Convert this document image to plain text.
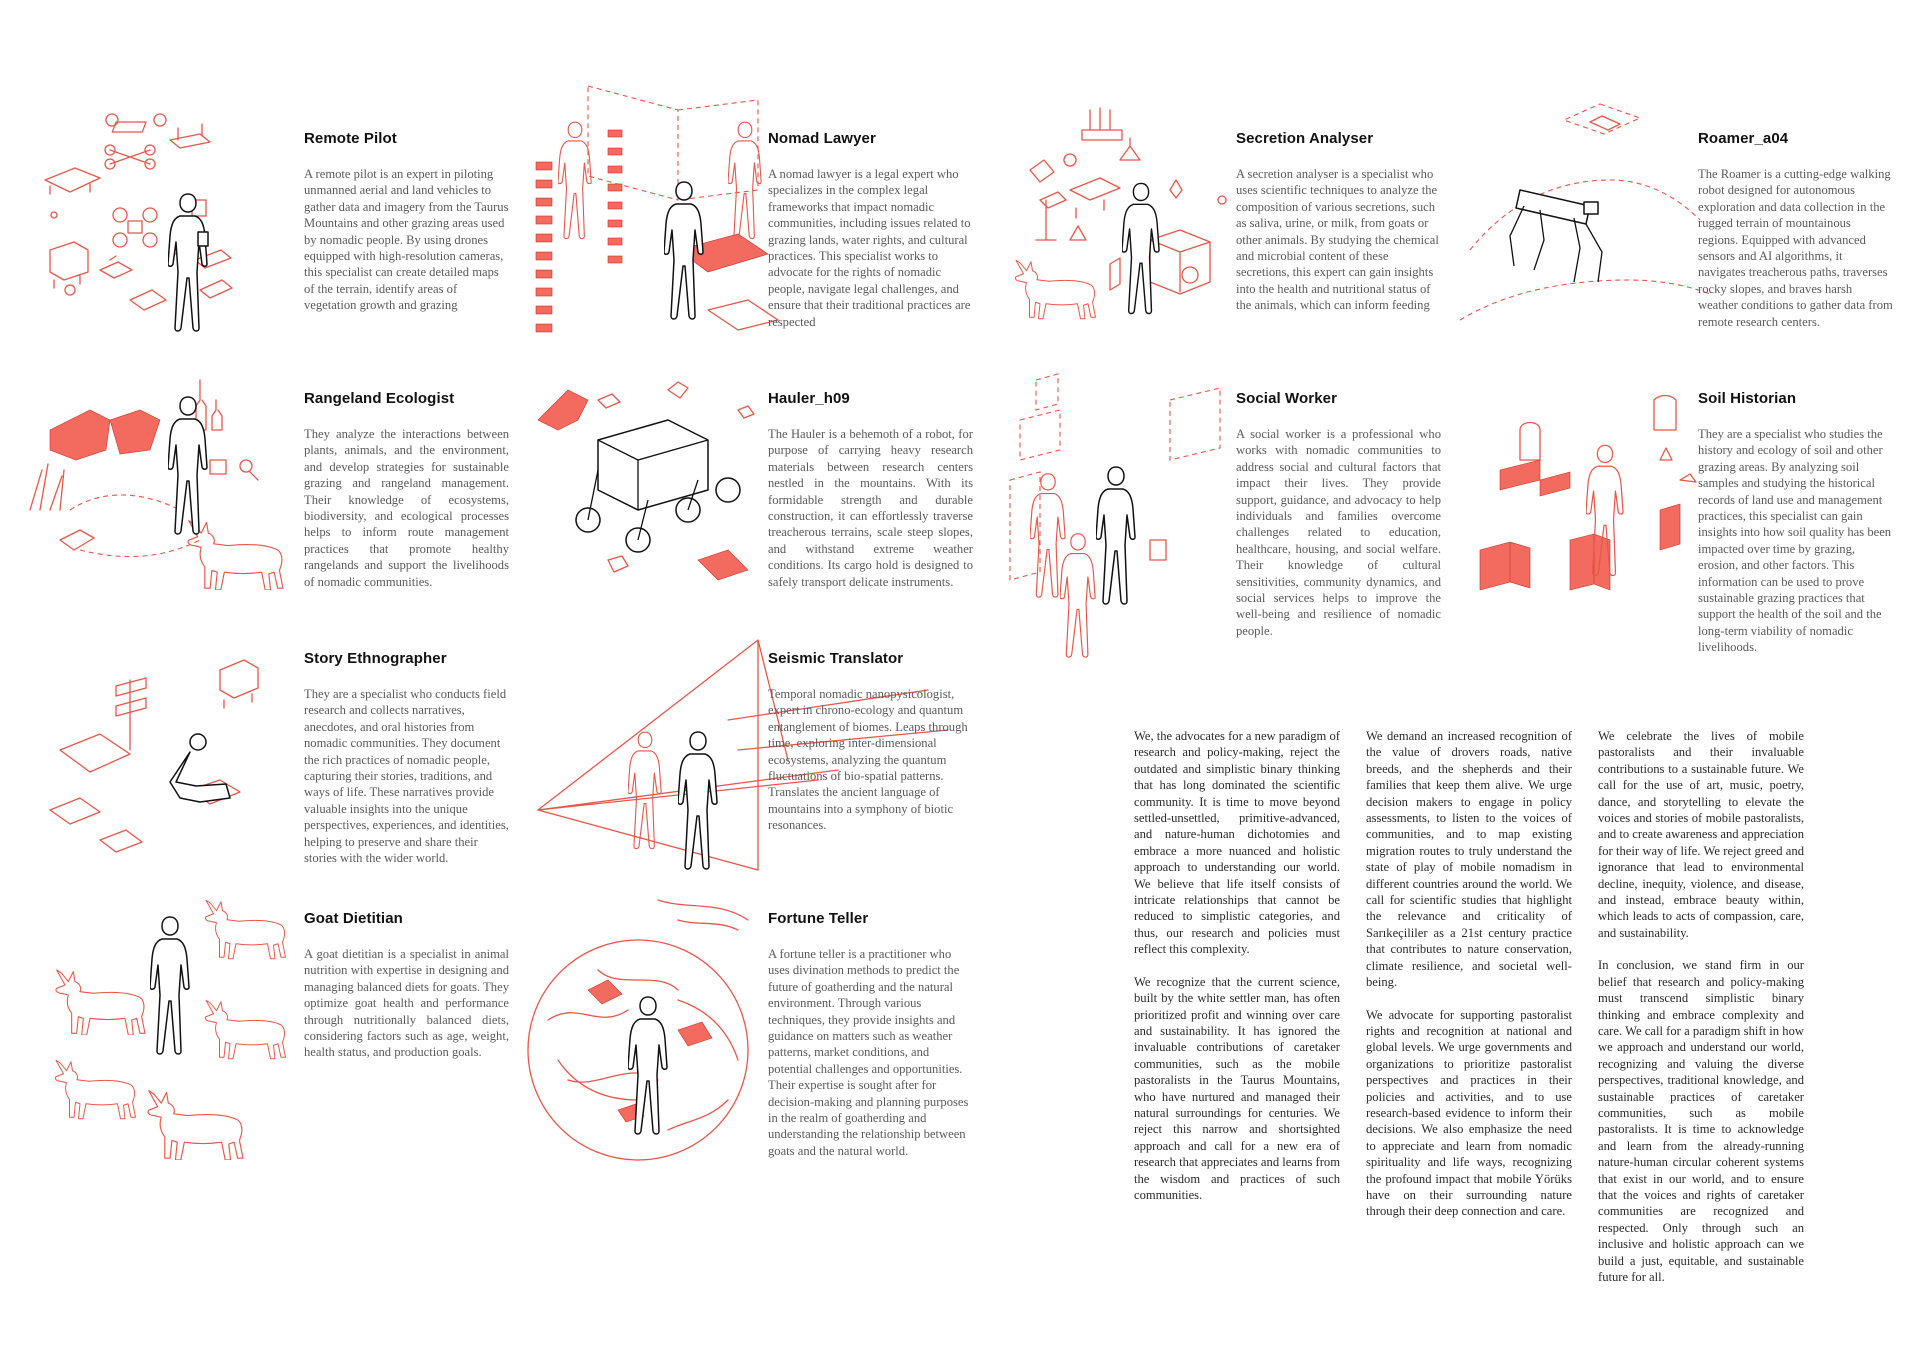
Remote Pilot

A remote pilot is an expert in piloting unmanned aerial and land vehicles to gather data and imagery from the Taurus Mountains and other grazing areas used by nomadic people. By using drones equipped with high-resolution cameras, this specialist can create detailed maps of the terrain, identify areas of vegetation growth and grazing

Nomad Lawyer

A nomad lawyer is a legal expert who specializes in the complex legal frameworks that impact nomadic communities, including issues related to grazing lands, water rights, and cultural practices. This specialist works to advocate for the rights of nomadic people, navigate legal challenges, and ensure that their traditional practices are respected

Secretion Analyser

A secretion analyser is a specialist who uses scientific techniques to analyze the composition of various secretions, such as saliva, urine, or milk, from goats or other animals. By studying the chemical and microbial content of these secretions, this expert can gain insights into the health and nutritional status of the animals, which can inform feeding

Roamer_a04

The Roamer is a cutting-edge walking robot designed for autonomous exploration and data collection in the rugged terrain of mountainous regions. Equipped with advanced sensors and AI algorithms, it navigates treacherous paths, traverses rocky slopes, and braves harsh weather conditions to gather data from remote research centers.

Rangeland Ecologist

They analyze the interactions between plants, animals, and the environment, and develop strategies for sustainable grazing and rangeland management. Their knowledge of ecosystems, biodiversity, and ecological processes helps to inform route management practices that promote healthy rangelands and support the livelihoods of nomadic communities.

Hauler_h09

The Hauler is a behemoth of a robot, for purpose of carrying heavy research materials between research centers nestled in the mountains. With its formidable strength and durable construction, it can effortlessly traverse treacherous terrains, scale steep slopes, and withstand extreme weather conditions. Its cargo hold is designed to safely transport delicate instruments.

Social Worker

A social worker is a professional who works with nomadic communities to address social and cultural factors that impact their lives. They provide support, guidance, and advocacy to help individuals and families overcome challenges related to education, healthcare, housing, and social welfare. Their knowledge of cultural sensitivities, community dynamics, and social services helps to improve the well-being and resilience of nomadic people.

Soil Historian

They are a specialist who studies the history and ecology of soil and other grazing areas. By analyzing soil samples and studying the historical records of land use and management practices, this specialist can gain insights into how soil quality has been impacted over time by grazing, erosion, and other factors. This information can be used to prove sustainable grazing practices that support the health of the soil and the long-term viability of nomadic livelihoods.

Story Ethnographer

They are a specialist who conducts field research and collects narratives, anecdotes, and oral histories from nomadic communities. They document the rich practices of nomadic people, capturing their stories, traditions, and ways of life. These narratives provide valuable insights into the unique perspectives, experiences, and identities, helping to preserve and share their stories with the wider world.

Seismic Translator

Temporal nomadic nanopysicologist, expert in chrono-ecology and quantum entanglement of biomes. Leaps through time, exploring inter-dimensional ecosystems, analyzing the quantum fluctuations of bio-spatial patterns. Translates the ancient language of mountains into a symphony of biotic resonances.

Goat Dietitian

A goat dietitian is a specialist in animal nutrition with expertise in designing and managing balanced diets for goats. They optimize goat health and performance through nutritionally balanced diets, considering factors such as age, weight, health status, and production goals.

Fortune Teller

A fortune teller is a practitioner who uses divination methods to predict the future of goatherding and the natural environment. Through various techniques, they provide insights and guidance on matters such as weather patterns, market conditions, and potential challenges and opportunities. Their expertise is sought after for decision-making and planning purposes in the realm of goatherding and understanding the relationship between goats and the natural world.

We, the advocates for a new paradigm of research and policy-making, reject the outdated and simplistic binary thinking that has long dominated the scientific community. It is time to move beyond settled-unsettled, primitive-advanced, and nature-human dichotomies and embrace a more nuanced and holistic approach to understanding our world. We believe that life itself consists of intricate relationships that cannot be reduced to simplistic categories, and thus, our research and policies must reflect this complexity.

We recognize that the current science, built by the white settler man, has often prioritized profit and winning over care and sustainability. It has ignored the invaluable contributions of caretaker communities, such as the mobile pastoralists in the Taurus Mountains, who have nurtured and managed their natural surroundings for centuries. We reject this narrow and shortsighted approach and call for a new era of research that appreciates and learns from the wisdom and practices of such communities.

We demand an increased recognition of the value of drovers roads, native breeds, and the shepherds and their families that keep them alive. We urge decision makers to engage in policy assessments, to listen to the voices of communities, and to map existing migration routes to truly understand the state of play of mobile nomadism in different countries around the world. We call for scientific studies that highlight the relevance and criticality of Sarıkeçililer as a 21st century practice that contributes to nature conservation, climate resilience, and societal well-being.

We advocate for supporting pastoralist rights and recognition at national and global levels. We urge governments and organizations to prioritize pastoralist perspectives and practices in their policies and activities, and to use research-based evidence to inform their decisions. We also emphasize the need to appreciate and learn from nomadic spirituality and life ways, recognizing the profound impact that mobile Yörüks have on their surrounding nature through their deep connection and care.

We celebrate the lives of mobile pastoralists and their invaluable contributions to a sustainable future. We call for the use of art, music, poetry, dance, and storytelling to elevate the voices and stories of mobile pastoralists, and to create awareness and appreciation for their way of life. We reject greed and ignorance that lead to environmental decline, inequity, violence, and disease, and instead, embrace beauty within, which leads to acts of compassion, care, and sustainability.

In conclusion, we stand firm in our belief that research and policy-making must transcend simplistic binary thinking and embrace complexity and care. We call for a paradigm shift in how we approach and understand our world, recognizing and valuing the diverse perspectives, traditional knowledge, and sustainable practices of caretaker communities, such as mobile pastoralists. It is time to acknowledge and learn from the already-running nature-human circular coherent systems that exist in our world, and to ensure that the voices and rights of caretaker communities are recognized and respected. Only through such an inclusive and holistic approach can we build a just, equitable, and sustainable future for all.
